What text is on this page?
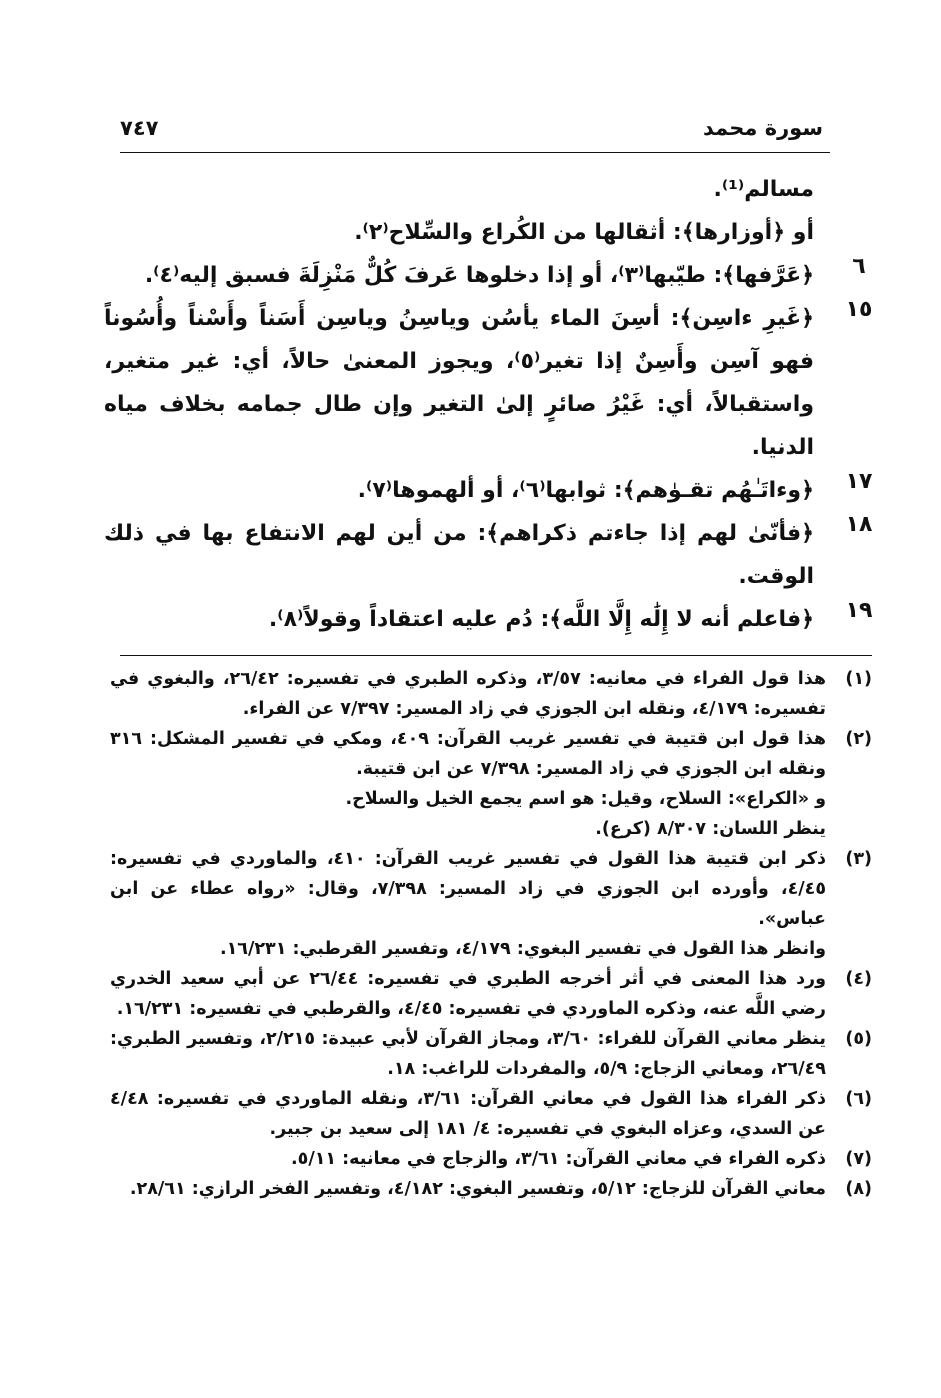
سورة محمد
٧٤٧
مسالم⁽¹⁾.
أو ﴿أوزارها﴾: أثقالها من الكُراع والسِّلاح⁽٢⁾.
٦
﴿عَرَّفها﴾: طيّبها⁽٣⁾، أو إذا دخلوها عَرفَ كُلٌّ مَنْزِلَةَ فسبق إليه⁽٤⁾.
١٥
﴿غَيرِ ءاسِن﴾: أسِنَ الماء يأسُن وياسِنُ وياسِن أَسَناً وأَسْناً وأُسُوناً فهو آسِن وأَسِنٌ إذا تغير⁽٥⁾، ويجوز المعنىٰ حالاً، أي: غير متغير، واستقبالاً، أي: غَيْرُ صائرٍ إلىٰ التغير وإن طال جمامه بخلاف مياه الدنيا.
١٧
﴿وءاتَـٰهُم تقـوٰهم﴾: ثوابها⁽٦⁾، أو ألهموها⁽٧⁾.
١٨
﴿فأنّىٰ لهم إذا جاءتم ذكراهم﴾: من أين لهم الانتفاع بها في ذلك الوقت.
١٩
﴿فاعلم أنه لا إِلَٰه إِلَّا اللَّه﴾: دُم عليه اعتقاداً وقولاً⁽٨⁾.
(١)

هذا قول الفراء في معانيه: ٣/٥٧، وذكره الطبري في تفسيره: ٢٦/٤٢، والبغوي في تفسيره: ٤/١٧٩، ونقله ابن الجوزي في زاد المسير: ٧/٣٩٧ عن الفراء.

(٢)

هذا قول ابن قتيبة في تفسير غريب القرآن: ٤٠٩، ومكي في تفسير المشكل: ٣١٦ ونقله ابن الجوزي في زاد المسير: ٧/٣٩٨ عن ابن قتيبة.

و «الكراع»: السلاح، وقيل: هو اسم يجمع الخيل والسلاح.

ينظر اللسان: ٨/٣٠٧ (كرع).

(٣)

ذكر ابن قتيبة هذا القول في تفسير غريب القرآن: ٤١٠، والماوردي في تفسيره: ٤/٤٥، وأورده ابن الجوزي في زاد المسير: ٧/٣٩٨، وقال: «رواه عطاء عن ابن عباس».

وانظر هذا القول في تفسير البغوي: ٤/١٧٩، وتفسير القرطبي: ١٦/٢٣١.

(٤)

ورد هذا المعنى في أثر أخرجه الطبري في تفسيره: ٢٦/٤٤ عن أبي سعيد الخدري رضي اللَّه عنه، وذكره الماوردي في تفسيره: ٤/٤٥، والقرطبي في تفسيره: ١٦/٢٣١.

(٥)

ينظر معاني القرآن للفراء: ٣/٦٠، ومجاز القرآن لأبي عبيدة: ٢/٢١٥، وتفسير الطبري: ٢٦/٤٩، ومعاني الزجاج: ٥/٩، والمفردات للراغب: ١٨.

(٦)

ذكر الفراء هذا القول في معاني القرآن: ٣/٦١، ونقله الماوردي في تفسيره: ٤/٤٨ عن السدي، وعزاه البغوي في تفسيره: ٤/ ١٨١ إلى سعيد بن جبير.

(٧)

ذكره الفراء في معاني القرآن: ٣/٦١، والزجاج في معانيه: ٥/١١.

(٨)

معاني القرآن للزجاج: ٥/١٢، وتفسير البغوي: ٤/١٨٢، وتفسير الفخر الرازي: ٢٨/٦١.
